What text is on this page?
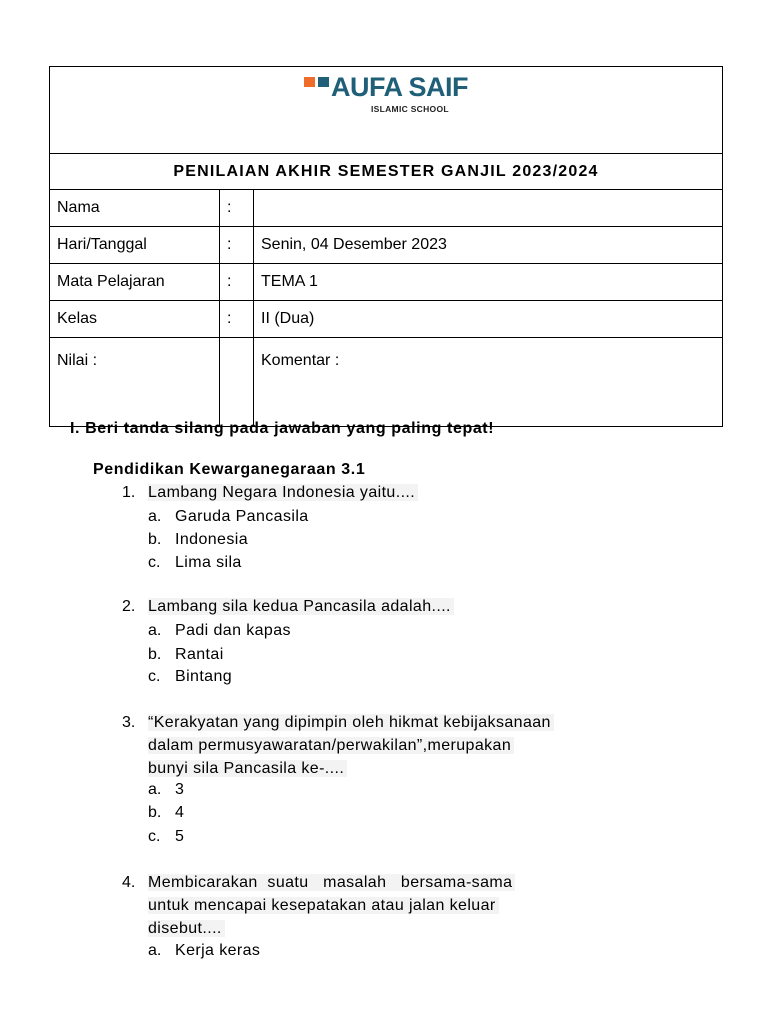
AUFA SAIF
ISLAMIC SCHOOL		

PENILAIAN AKHIR SEMESTER GANJIL 2023/2024		
Nama	:	
Hari/Tanggal	:	Senin, 04 Desember 2023
Mata Pelajaran	:	TEMA 1
Kelas	:	II (Dua)
Nilai :		Komentar :
I. Beri tanda silang pada jawaban yang paling tepat!
Pendidikan Kewarganegaraan 3.1
1. Lambang Negara Indonesia yaitu....
a. Garuda Pancasila
b. Indonesia
c. Lima sila
2. Lambang sila kedua Pancasila adalah....
a. Padi dan kapas
b. Rantai
c. Bintang
3. “Kerakyatan yang dipimpin oleh hikmat kebijaksanaan
dalam permusyawaratan/perwakilan”,merupakan
bunyi sila Pancasila ke-....
a. 3
b. 4
c. 5
4. Membicarakan  suatu   masalah   bersama-sama
untuk mencapai kesepatakan atau jalan keluar
disebut....
a. Kerja keras
